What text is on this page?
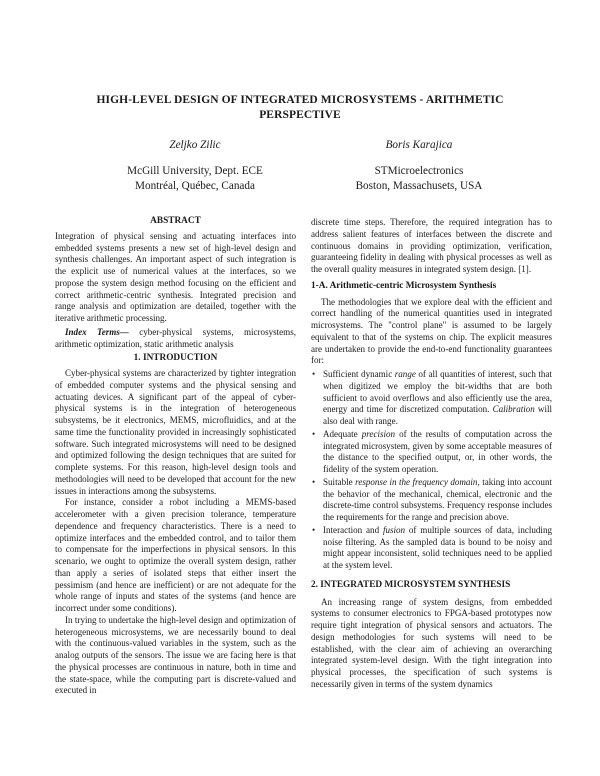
HIGH-LEVEL DESIGN OF INTEGRATED MICROSYSTEMS - ARITHMETIC PERSPECTIVE
Zeljko Zilic
McGill University, Dept. ECE
Montréal, Québec, Canada
Boris Karajica
STMicroelectronics
Boston, Massachusets, USA
ABSTRACT

Integration of physical sensing and actuating interfaces into embedded systems presents a new set of high-level design and synthesis challenges. An important aspect of such integration is the explicit use of numerical values at the interfaces, so we propose the system design method focusing on the efficient and correct arithmetic-centric synthesis. Integrated precision and range analysis and optimization are detailed, together with the iterative arithmetic processing.

Index Terms— cyber-physical systems, microsystems, arithmetic optimization, static arithmetic analysis

1. INTRODUCTION

Cyber-physical systems are characterized by tighter integration of embedded computer systems and the physical sensing and actuating devices. A significant part of the appeal of cyber-physical systems is in the integration of heterogeneous subsystems, be it electronics, MEMS, microfluidics, and at the same time the functionality provided in increasingly sophisticated software. Such integrated microsystems will need to be designed and optimized following the design techniques that are suited for complete systems. For this reason, high-level design tools and methodologies will need to be developed that account for the new issues in interactions among the subsystems.

For instance, consider a robot including a MEMS-based accelerometer with a given precision tolerance, temperature dependence and frequency characteristics. There is a need to optimize interfaces and the embedded control, and to tailor them to compensate for the imperfections in physical sensors. In this scenario, we ought to optimize the overall system design, rather than apply a series of isolated steps that either insert the pessimism (and hence are inefficient) or are not adequate for the whole range of inputs and states of the systems (and hence are incorrect under some conditions).

In trying to undertake the high-level design and optimization of heterogeneous microsystems, we are necessarily bound to deal with the continuous-valued variables in the system, such as the analog outputs of the sensors. The issue we are facing here is that the physical processes are continuous in nature, both in time and the state-space, while the computing part is discrete-valued and executed in

discrete time steps. Therefore, the required integration has to address salient features of interfaces between the discrete and continuous domains in providing optimization, verification, guaranteeing fidelity in dealing with physical processes as well as the overall quality measures in integrated system design. [1].

1-A. Arithmetic-centric Microsystem Synthesis

The methodologies that we explore deal with the efficient and correct handling of the numerical quantities used in integrated microsystems. The "control plane" is assumed to be largely equivalent to that of the systems on chip. The explicit measures are undertaken to provide the end-to-end functionality guarantees for:

• Sufficient dynamic range of all quantities of interest, such that when digitized we employ the bit-widths that are both sufficient to avoid overflows and also efficiently use the area, energy and time for discretized computation. Calibration will also deal with range.
• Adequate precision of the results of computation across the integrated microsystem, given by some acceptable measures of the distance to the specified output, or, in other words, the fidelity of the system operation.
• Suitable response in the frequency domain, taking into account the behavior of the mechanical, chemical, electronic and the discrete-time control subsystems. Frequency response includes the requirements for the range and precision above.
• Interaction and fusion of multiple sources of data, including noise filtering. As the sampled data is bound to be noisy and might appear inconsistent, solid techniques need to be applied at the system level.
2. INTEGRATED MICROSYSTEM SYNTHESIS

An increasing range of system designs, from embedded systems to consumer electronics to FPGA-based prototypes now require tight integration of physical sensors and actuators. The design methodologies for such systems will need to be established, with the clear aim of achieving an overarching integrated system-level design. With the tight integration into physical processes, the specification of such systems is necessarily given in terms of the system dynamics
